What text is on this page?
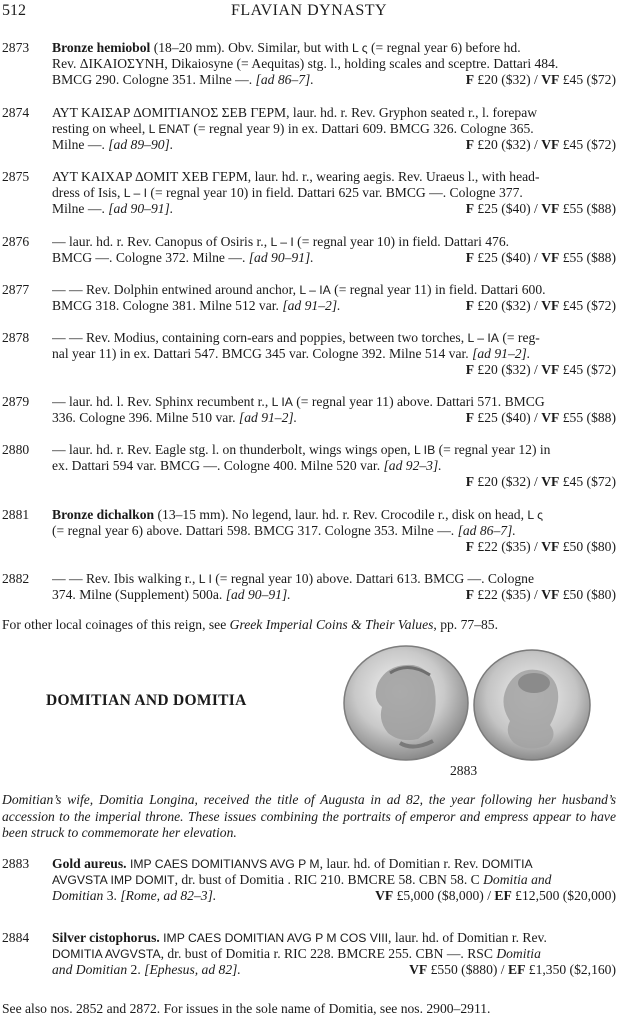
512	FLAVIAN DYNASTY
2873 Bronze hemiobol (18–20 mm). Obv. Similar, but with L ς (= regnal year 6) before hd.
Rev. ΔΙΚΑΙΟΣΥΝΗ, Dikaiosyne (= Aequitas) stg. l., holding scales and sceptre. Dattari 484.
BMCG 290. Cologne 351. Milne —. [ad 86–7].	F £20 ($32) / VF £45 ($72)
2874 ΑΥΤ ΚΑΙΣΑΡ ΔΟΜΙΤΙΑΝΟΣ ΣΕΒ ΓΕΡΜ, laur. hd. r. Rev. Gryphon seated r., l. forepaw
resting on wheel, L ENAT (= regnal year 9) in ex. Dattari 609. BMCG 326. Cologne 365.
Milne —. [ad 89–90].	F £20 ($32) / VF £45 ($72)
2875 ΑΥΤ ΚΑΙΧΑΡ ΔΟΜΙΤ ΧΕΒ ΓΕΡΜ, laur. hd. r., wearing aegis. Rev. Uraeus l., with head-
dress of Isis, L – I (= regnal year 10) in field. Dattari 625 var. BMCG —. Cologne 377.
Milne —. [ad 90–91].	F £25 ($40) / VF £55 ($88)
2876 — laur. hd. r. Rev. Canopus of Osiris r., L – I (= regnal year 10) in field. Dattari 476.
BMCG —. Cologne 372. Milne —. [ad 90–91].	F £25 ($40) / VF £55 ($88)
2877 — — Rev. Dolphin entwined around anchor, L – IA (= regnal year 11) in field. Dattari 600.
BMCG 318. Cologne 381. Milne 512 var. [ad 91–2].	F £20 ($32) / VF £45 ($72)
2878 — — Rev. Modius, containing corn-ears and poppies, between two torches, L – IA (= reg-
nal year 11) in ex. Dattari 547. BMCG 345 var. Cologne 392. Milne 514 var. [ad 91–2].
F £20 ($32) / VF £45 ($72)
2879 — laur. hd. l. Rev. Sphinx recumbent r., L IA (= regnal year 11) above. Dattari 571. BMCG
336. Cologne 396. Milne 510 var. [ad 91–2].	F £25 ($40) / VF £55 ($88)
2880 — laur. hd. r. Rev. Eagle stg. l. on thunderbolt, wings wings open, L IB (= regnal year 12) in
ex. Dattari 594 var. BMCG —. Cologne 400. Milne 520 var. [ad 92–3].
F £20 ($32) / VF £45 ($72)
2881 Bronze dichalkon (13–15 mm). No legend, laur. hd. r. Rev. Crocodile r., disk on head, L ς
(= regnal year 6) above. Dattari 598. BMCG 317. Cologne 353. Milne —. [ad 86–7].
F £22 ($35) / VF £50 ($80)
2882 — — Rev. Ibis walking r., L I (= regnal year 10) above. Dattari 613. BMCG —. Cologne
374. Milne (Supplement) 500a. [ad 90–91].	F £22 ($35) / VF £50 ($80)
For other local coinages of this reign, see Greek Imperial Coins & Their Values, pp. 77–85.
DOMITIAN AND DOMITIA
2883
Domitian’s wife, Domitia Longina, received the title of Augusta in ad 82, the year following her husband’s accession to the imperial throne. These issues combining the portraits of emperor and empress appear to have been struck to commemorate her elevation.
2883 Gold aureus. IMP CAES DOMITIANVS AVG P M, laur. hd. of Domitian r. Rev. DOMITIA
AVGVSTA IMP DOMIT, dr. bust of Domitia . RIC 210. BMCRE 58. CBN 58. C Domitia and
Domitian 3. [Rome, ad 82–3].	VF £5,000 ($8,000) / EF £12,500 ($20,000)
2884 Silver cistophorus. IMP CAES DOMITIAN AVG P M COS VIII, laur. hd. of Domitian r. Rev.
DOMITIA AVGVSTA, dr. bust of Domitia r. RIC 228. BMCRE 255. CBN —. RSC Domitia
and Domitian 2. [Ephesus, ad 82].	VF £550 ($880) / EF £1,350 ($2,160)
See also nos. 2852 and 2872. For issues in the sole name of Domitia, see nos. 2900–2911.
